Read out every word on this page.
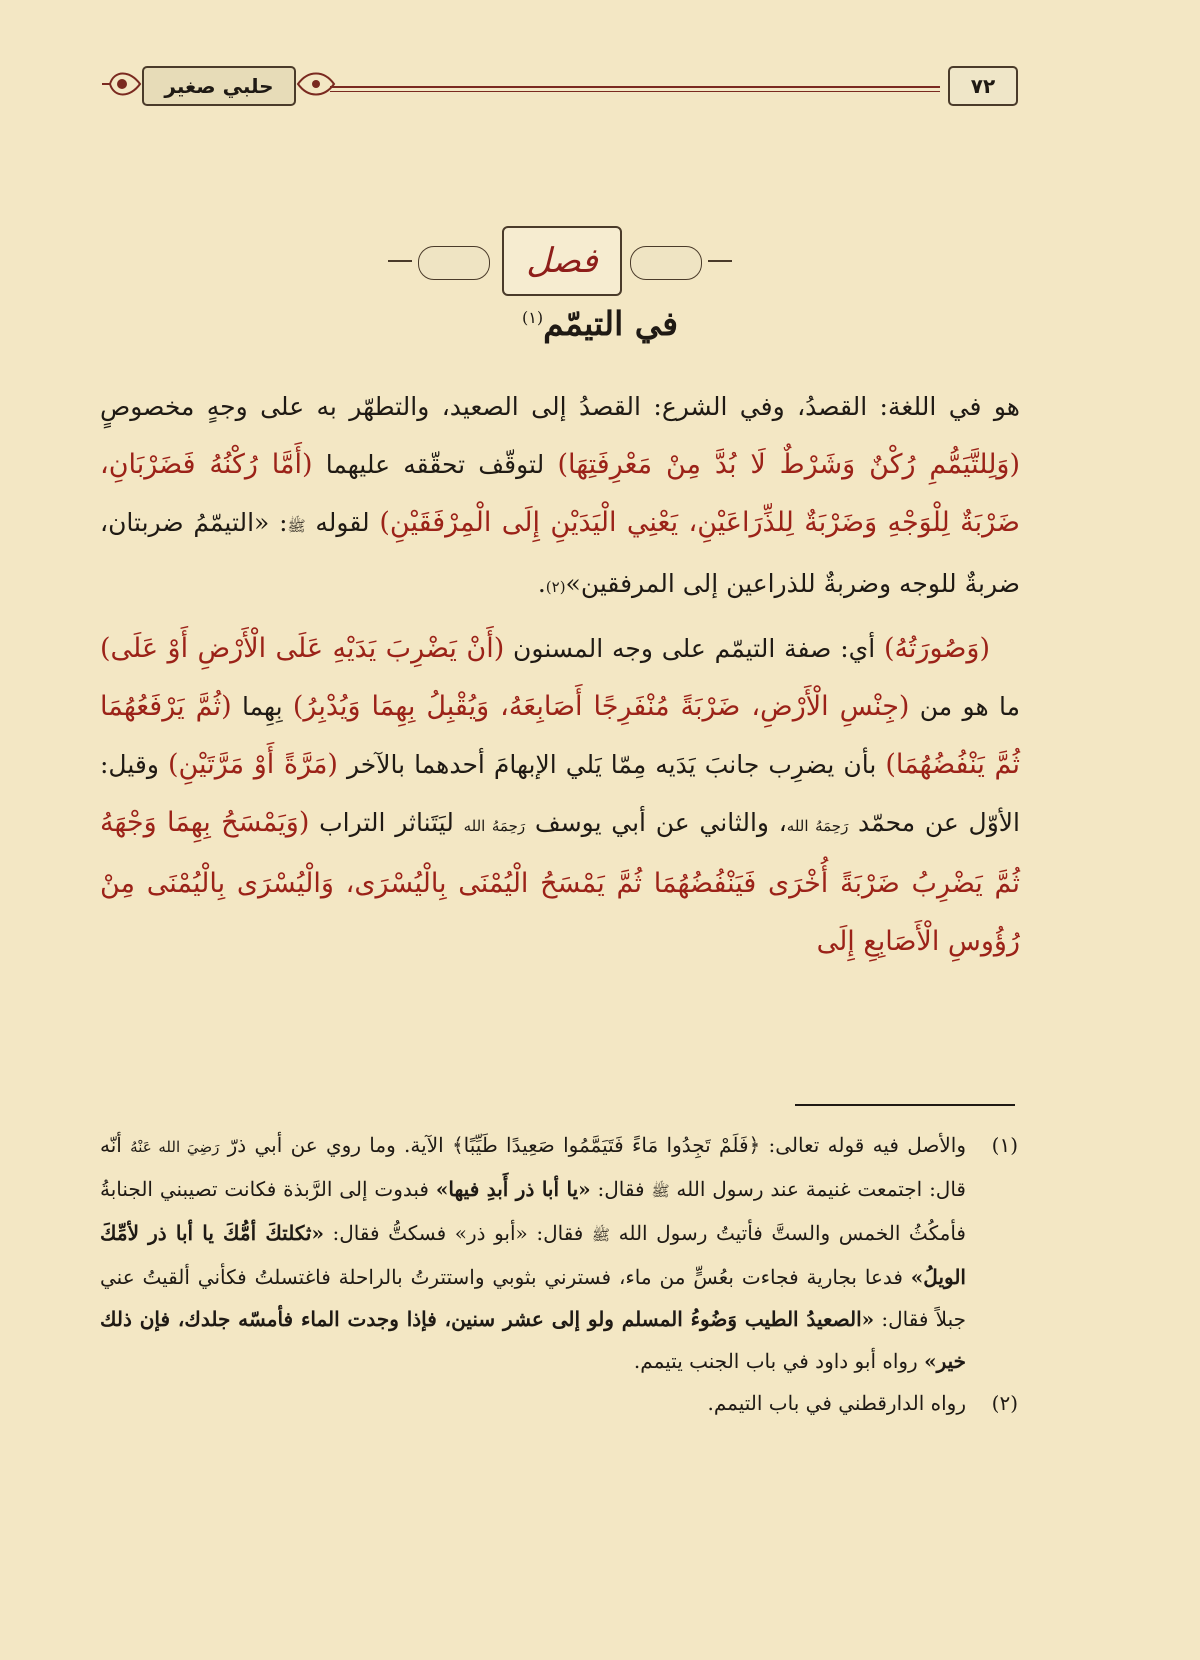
حلبي صغير	٧٢
فصل
في التيمّم$^{(١)}$

هو في اللغة: القصدُ، وفي الشرع: القصدُ إلى الصعيد، والتطهّر به على وجهٍ مخصوصٍ (وَلِلتَّيَمُّمِ رُكْنٌ وَشَرْطٌ لَا بُدَّ مِنْ مَعْرِفَتِهَا) لتوقّف تحقّقه عليهما (أَمَّا رُكْنُهُ فَضَرْبَانِ، ضَرْبَةٌ لِلْوَجْهِ وَضَرْبَةٌ لِلذِّرَاعَيْنِ، يَعْنِي الْيَدَيْنِ إِلَى الْمِرْفَقَيْنِ) لقوله ﷺ: «التيمّمُ ضربتان، ضربةٌ للوجه وضربةٌ للذراعين إلى المرفقين»(٢).

(وَصُورَتُهُ) أي: صفة التيمّم على وجه المسنون (أَنْ يَضْرِبَ يَدَيْهِ عَلَى الْأَرْضِ أَوْ عَلَى) ما هو من (جِنْسِ الْأَرْضِ، ضَرْبَةً مُنْفَرِجًا أَصَابِعَهُ، وَيُقْبِلُ بِهِمَا وَيُدْبِرُ) بِهِما (ثُمَّ يَرْفَعُهُمَا ثُمَّ يَنْفُضُهُمَا) بأن يضرِب جانبَ يَدَيه مِمّا يَلي الإبهامَ أحدهما بالآخر (مَرَّةً أَوْ مَرَّتَيْنِ) وقيل: الأوّل عن محمّد رَحِمَهُ الله، والثاني عن أبي يوسف رَحِمَهُ الله ليَتَناثر التراب (وَيَمْسَحُ بِهِمَا وَجْهَهُ ثُمَّ يَضْرِبُ ضَرْبَةً أُخْرَى فَيَنْفُضُهُمَا ثُمَّ يَمْسَحُ الْيُمْنَى بِالْيُسْرَى، وَالْيُسْرَى بِالْيُمْنَى مِنْ رُؤُوسِ الْأَصَابِعِ إِلَى

(١)
والأصل فيه قوله تعالى: ﴿فَلَمْ تَجِدُوا مَاءً فَتَيَمَّمُوا صَعِيدًا طَيِّبًا﴾ الآية. وما روي عن أبي ذرّ رَضِيَ الله عَنْهُ أنّه قال: اجتمعت غنيمة عند رسول الله ﷺ فقال: «يا أبا ذر أَبدِ فيها» فبدوت إلى الرَّبذة فكانت تصيبني الجنابةُ فأمكُثُ الخمس والستَّ فأتيتُ رسول الله ﷺ فقال: «أبو ذر» فسكتُّ فقال: «ثكلتكَ أمُّكَ يا أبا ذر لأمِّكَ الويلُ» فدعا بجارية فجاءت بعُسٍّ من ماء، فسترني بثوبي واستترتُ بالراحلة فاغتسلتُ فكأني ألقيتُ عني جبلاً فقال: «الصعيدُ الطيب وَضُوءُ المسلم ولو إلى عشر سنين، فإذا وجدت الماء فأمسّه جلدك، فإن ذلك خير» رواه أبو داود في باب الجنب يتيمم.

(٢)
رواه الدارقطني في باب التيمم.
